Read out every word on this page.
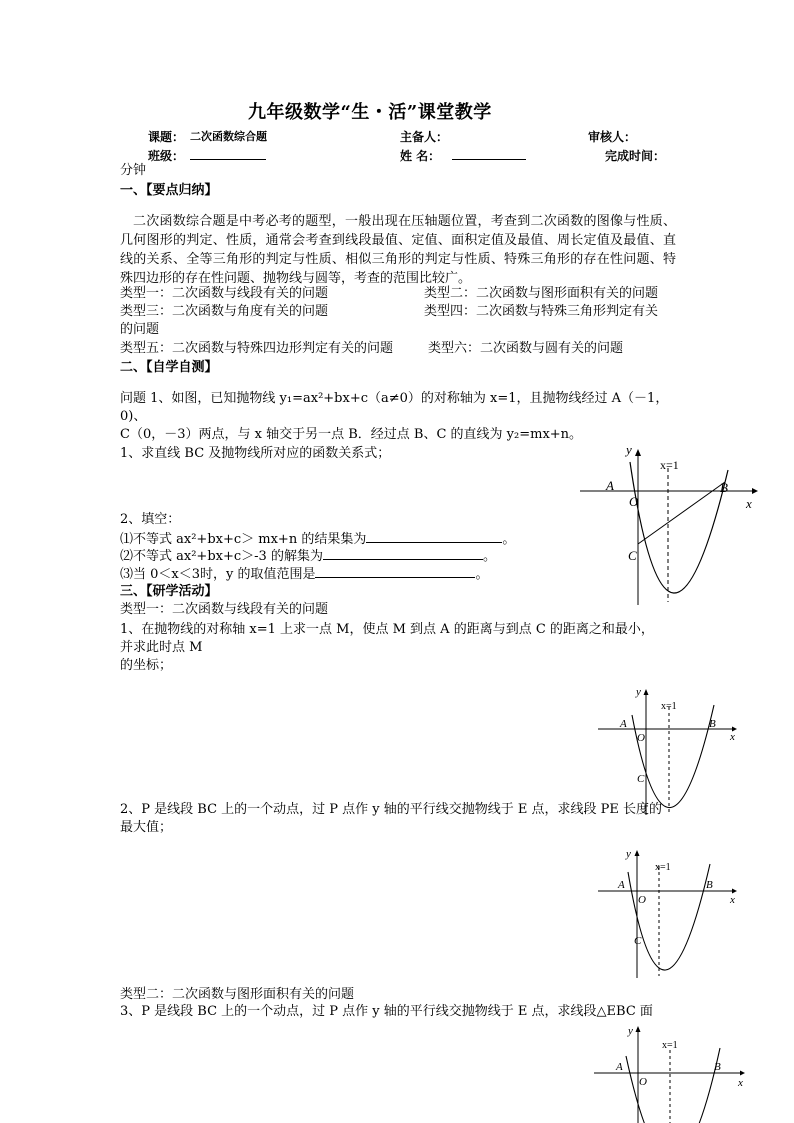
九年级数学“生・活”课堂教学
课题： 二次函数综合题	主备人：	审核人：
班级：	姓 名：	完成时间：
分钟
一、【要点归纳】
二次函数综合题是中考必考的题型，一般出现在压轴题位置，考查到二次函数的图像与性质、几何图形的判定、性质，通常会考查到线段最值、定值、面积定值及最值、周长定值及最值、直线的关系、全等三角形的判定与性质、相似三角形的判定与性质、特殊三角形的存在性问题、特殊四边形的存在性问题、抛物线与圆等，考查的范围比较广。
类型一：二次函数与线段有关的问题	类型二：二次函数与图形面积有关的问题
类型三：二次函数与角度有关的问题	类型四：二次函数与特殊三角形判定有关
的问题
类型五：二次函数与特殊四边形判定有关的问题	类型六：二次函数与圆有关的问题
二、【自学自测】
问题 1、如图，已知抛物线 y₁=ax²+bx+c（a≠0）的对称轴为 x=1，且抛物线经过 A（－1，
0)、
C（0，－3）两点，与 x 轴交于另一点 B．经过点 B、C 的直线为 y₂=mx+n。
1、求直线 BC 及抛物线所对应的函数关系式；
2、填空：
⑴不等式 ax²+bx+c＞ mx+n 的结果集为	。
⑵不等式 ax²+bx+c＞-3 的解集为	。
⑶当 0＜x＜3时，y 的取值范围是	。
y
x
x=1
A	B
O
C
三、【研学活动】
类型一：二次函数与线段有关的问题
1、在抛物线的对称轴 x=1 上求一点 M，使点 M 到点 A 的距离与到点 C 的距离之和最小，
并求此时点 M
的坐标；
y
x
x=1
A	B
O
C
2、P 是线段 BC 上的一个动点，过 P 点作 y 轴的平行线交抛物线于 E 点，求线段 PE 长度的
最大值；
y
x
x=1
A	B
O
C
类型二：二次函数与图形面积有关的问题
3、P 是线段 BC 上的一个动点，过 P 点作 y 轴的平行线交抛物线于 E 点，求线段△EBC 面
y
x
x=1
A	B
O
